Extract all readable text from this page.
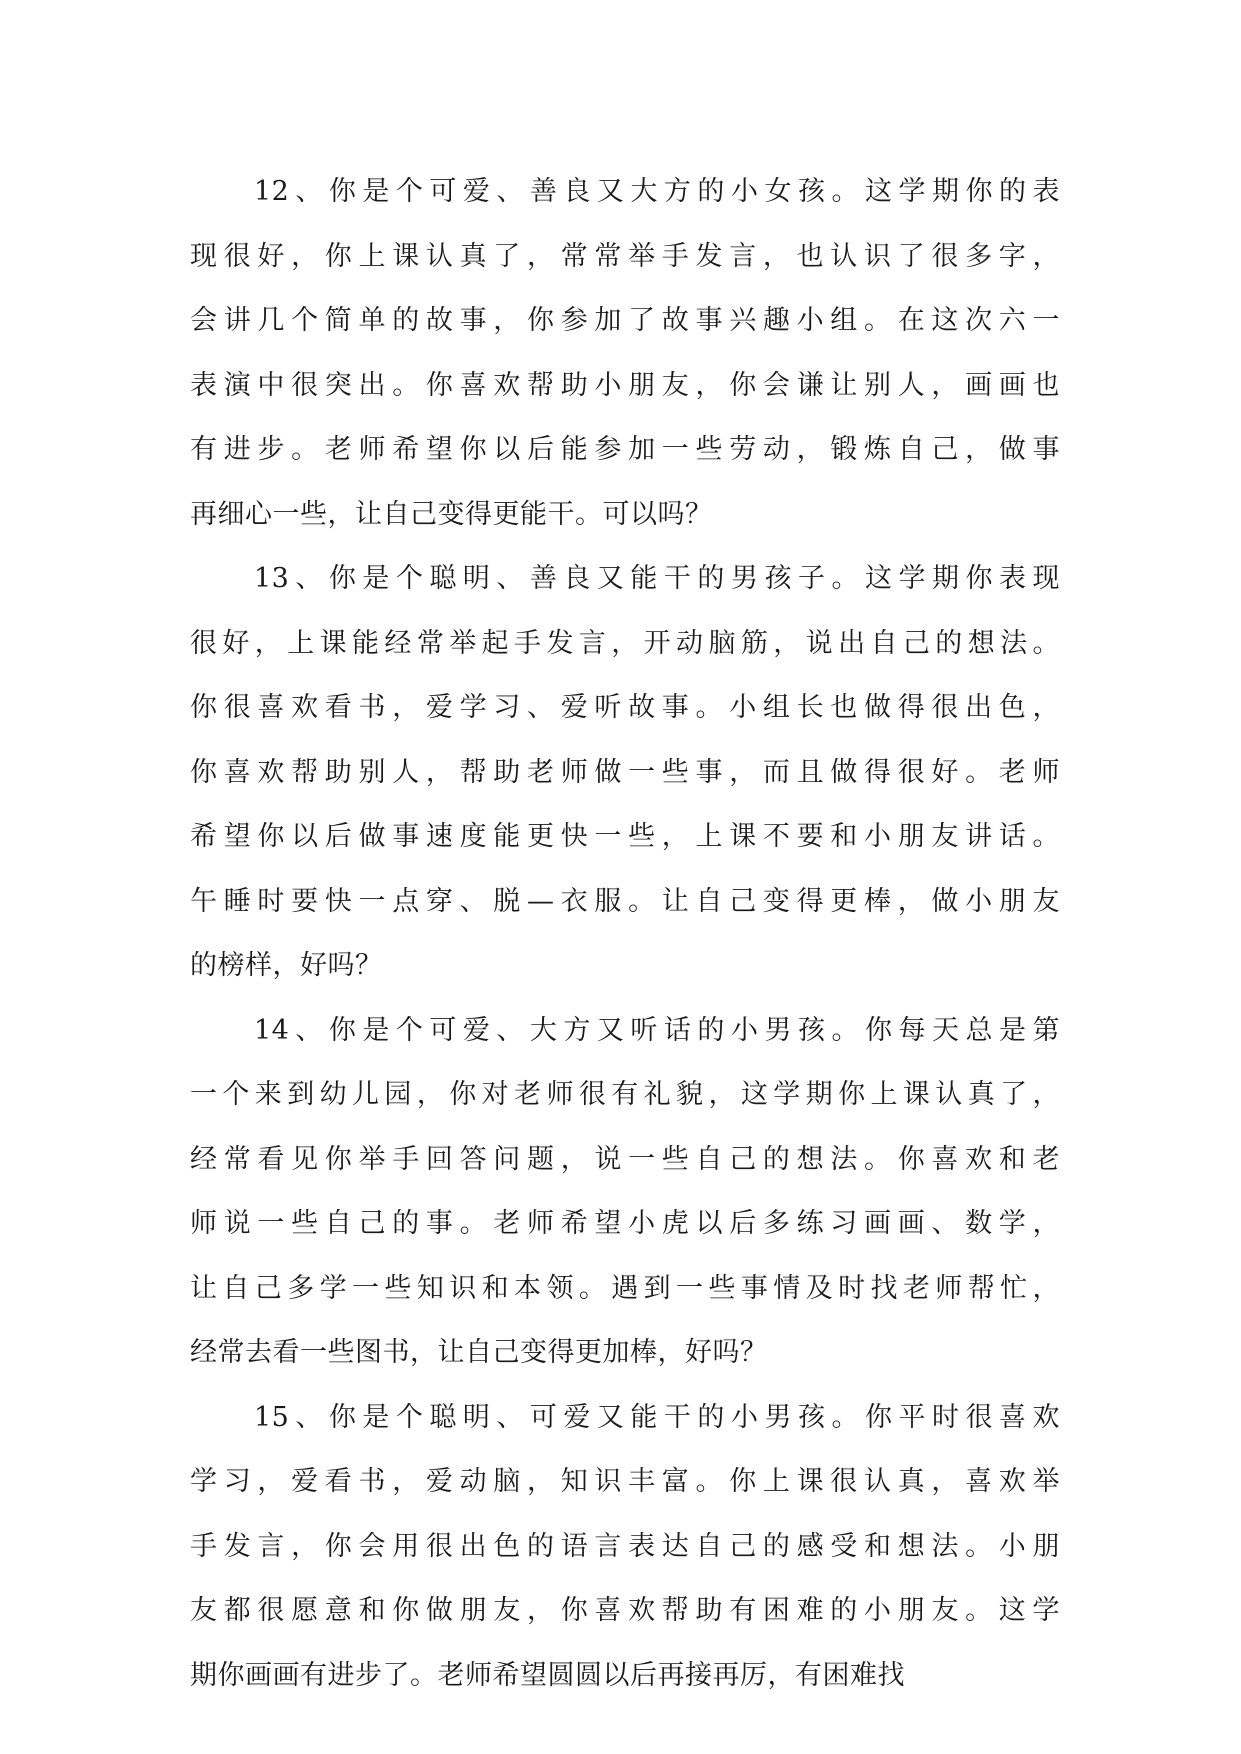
12、你是个可爱、善良又大方的小女孩。这学期你的表
现很好，你上课认真了，常常举手发言，也认识了很多字，
会讲几个简单的故事，你参加了故事兴趣小组。在这次六一
表演中很突出。你喜欢帮助小朋友，你会谦让别人，画画也
有进步。老师希望你以后能参加一些劳动，锻炼自己，做事
再细心一些，让自己变得更能干。可以吗？
13、你是个聪明、善良又能干的男孩子。这学期你表现
很好，上课能经常举起手发言，开动脑筋，说出自己的想法。
你很喜欢看书，爱学习、爱听故事。小组长也做得很出色，
你喜欢帮助别人，帮助老师做一些事，而且做得很好。老师
希望你以后做事速度能更快一些，上课不要和小朋友讲话。
午睡时要快一点穿、脱—衣服。让自己变得更棒，做小朋友
的榜样，好吗？
14、你是个可爱、大方又听话的小男孩。你每天总是第
一个来到幼儿园，你对老师很有礼貌，这学期你上课认真了，
经常看见你举手回答问题，说一些自己的想法。你喜欢和老
师说一些自己的事。老师希望小虎以后多练习画画、数学，
让自己多学一些知识和本领。遇到一些事情及时找老师帮忙，
经常去看一些图书，让自己变得更加棒，好吗？
15、你是个聪明、可爱又能干的小男孩。你平时很喜欢
学习，爱看书，爱动脑，知识丰富。你上课很认真，喜欢举
手发言，你会用很出色的语言表达自己的感受和想法。小朋
友都很愿意和你做朋友，你喜欢帮助有困难的小朋友。这学
期你画画有进步了。老师希望圆圆以后再接再厉，有困难找
